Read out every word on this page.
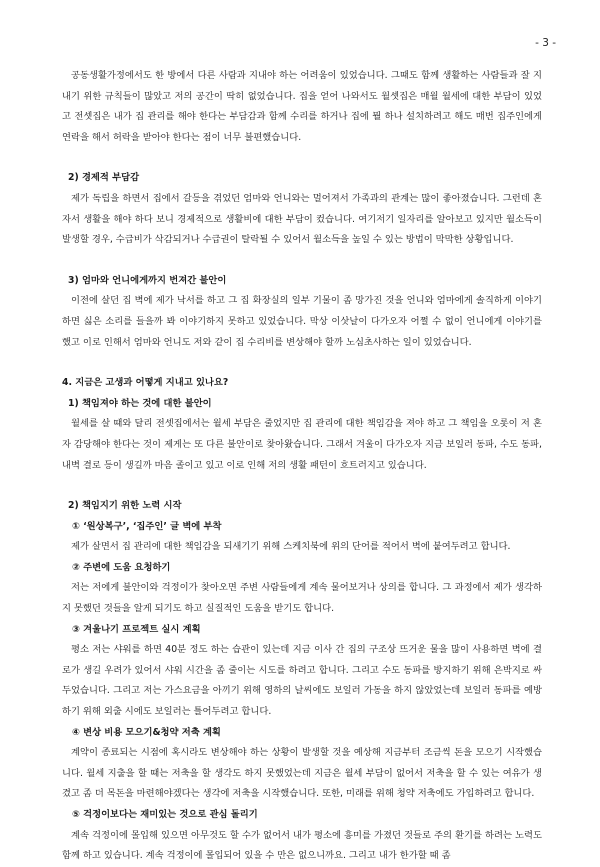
- 3 -

공동생활가정에서도 한 방에서 다른 사람과 지내야 하는 어려움이 있었습니다. 그때도 함께 생활하는 사람들과 잘 지내기 위한 규칙들이 많았고 저의 공간이 딱히 없었습니다. 집을 얻어 나와서도 월셋집은 매월 월세에 대한 부담이 있었고 전셋집은 내가 집 관리를 해야 한다는 부담감과 함께 수리를 하거나 집에 뭘 하나 설치하려고 해도 매번 집주인에게 연락을 해서 허락을 받아야 한다는 점이 너무 불편했습니다.

2) 경제적 부담감

제가 독립을 하면서 집에서 갈등을 겪었던 엄마와 언니와는 멀어져서 가족과의 관계는 많이 좋아졌습니다. 그런데 혼자서 생활을 해야 하다 보니 경제적으로 생활비에 대한 부담이 컸습니다. 여기저기 일자리를 알아보고 있지만 월소득이 발생할 경우, 수급비가 삭감되거나 수급권이 탈락될 수 있어서 월소득을 높일 수 있는 방법이 막막한 상황입니다.

3) 엄마와 언니에게까지 번져간 불안이

이전에 살던 집 벽에 제가 낙서를 하고 그 집 화장실의 일부 기물이 좀 망가진 것을 언니와 엄마에게 솔직하게 이야기하면 싫은 소리를 들을까 봐 이야기하지 못하고 있었습니다. 막상 이삿날이 다가오자 어쩔 수 없이 언니에게 이야기를 했고 이로 인해서 엄마와 언니도 저와 같이 집 수리비를 변상해야 할까 노심초사하는 일이 있었습니다.

4. 지금은 고생과 어떻게 지내고 있나요?

1) 책임져야 하는 것에 대한 불안이

월세를 살 때와 달리 전셋집에서는 월세 부담은 줄었지만 집 관리에 대한 책임감을 져야 하고 그 책임을 오롯이 저 혼자 감당해야 한다는 것이 제게는 또 다른 불안이로 찾아왔습니다. 그래서 겨울이 다가오자 지금 보일러 동파, 수도 동파, 내벽 결로 등이 생길까 마음 졸이고 있고 이로 인해 저의 생활 패턴이 흐트러지고 있습니다.

2) 책임지기 위한 노력 시작

① ‘원상복구’, ‘집주인’ 글 벽에 부착

제가 살면서 집 관리에 대한 책임감을 되새기기 위해 스케치북에 위의 단어를 적어서 벽에 붙여두려고 합니다.

② 주변에 도움 요청하기

저는 저에게 불안이와 걱정이가 찾아오면 주변 사람들에게 계속 물어보거나 상의를 합니다. 그 과정에서 제가 생각하지 못했던 것들을 알게 되기도 하고 실질적인 도움을 받기도 합니다.

③ 겨울나기 프로젝트 실시 계획

평소 저는 샤워를 하면 40분 정도 하는 습관이 있는데 지금 이사 간 집의 구조상 뜨거운 물을 많이 사용하면 벽에 결로가 생길 우려가 있어서 샤워 시간을 좀 줄이는 시도를 하려고 합니다. 그리고 수도 동파를 방지하기 위해 은박지로 싸 두었습니다. 그리고 저는 가스요금을 아끼기 위해 영하의 날씨에도 보일러 가동을 하지 않았었는데 보일러 동파를 예방하기 위해 외출 시에도 보일러는 틀어두려고 합니다.

④ 변상 비용 모으기&청약 저축 계획

계약이 종료되는 시점에 혹시라도 변상해야 하는 상황이 발생할 것을 예상해 지금부터 조금씩 돈을 모으기 시작했습니다. 월세 지출을 할 때는 저축을 할 생각도 하지 못했었는데 지금은 월세 부담이 없어서 저축을 할 수 있는 여유가 생겼고 좀 더 목돈을 마련해야겠다는 생각에 저축을 시작했습니다. 또한, 미래를 위해 청약 저축에도 가입하려고 합니다.

⑤ 걱정이보다는 재미있는 것으로 관심 돌리기

계속 걱정이에 몰입해 있으면 아무것도 할 수가 없어서 내가 평소에 흥미를 가졌던 것들로 주의 환기를 하려는 노력도 함께 하고 있습니다. 계속 걱정이에 몰입되어 있을 수 만은 없으니까요. 그리고 내가 한가할 때 좀
